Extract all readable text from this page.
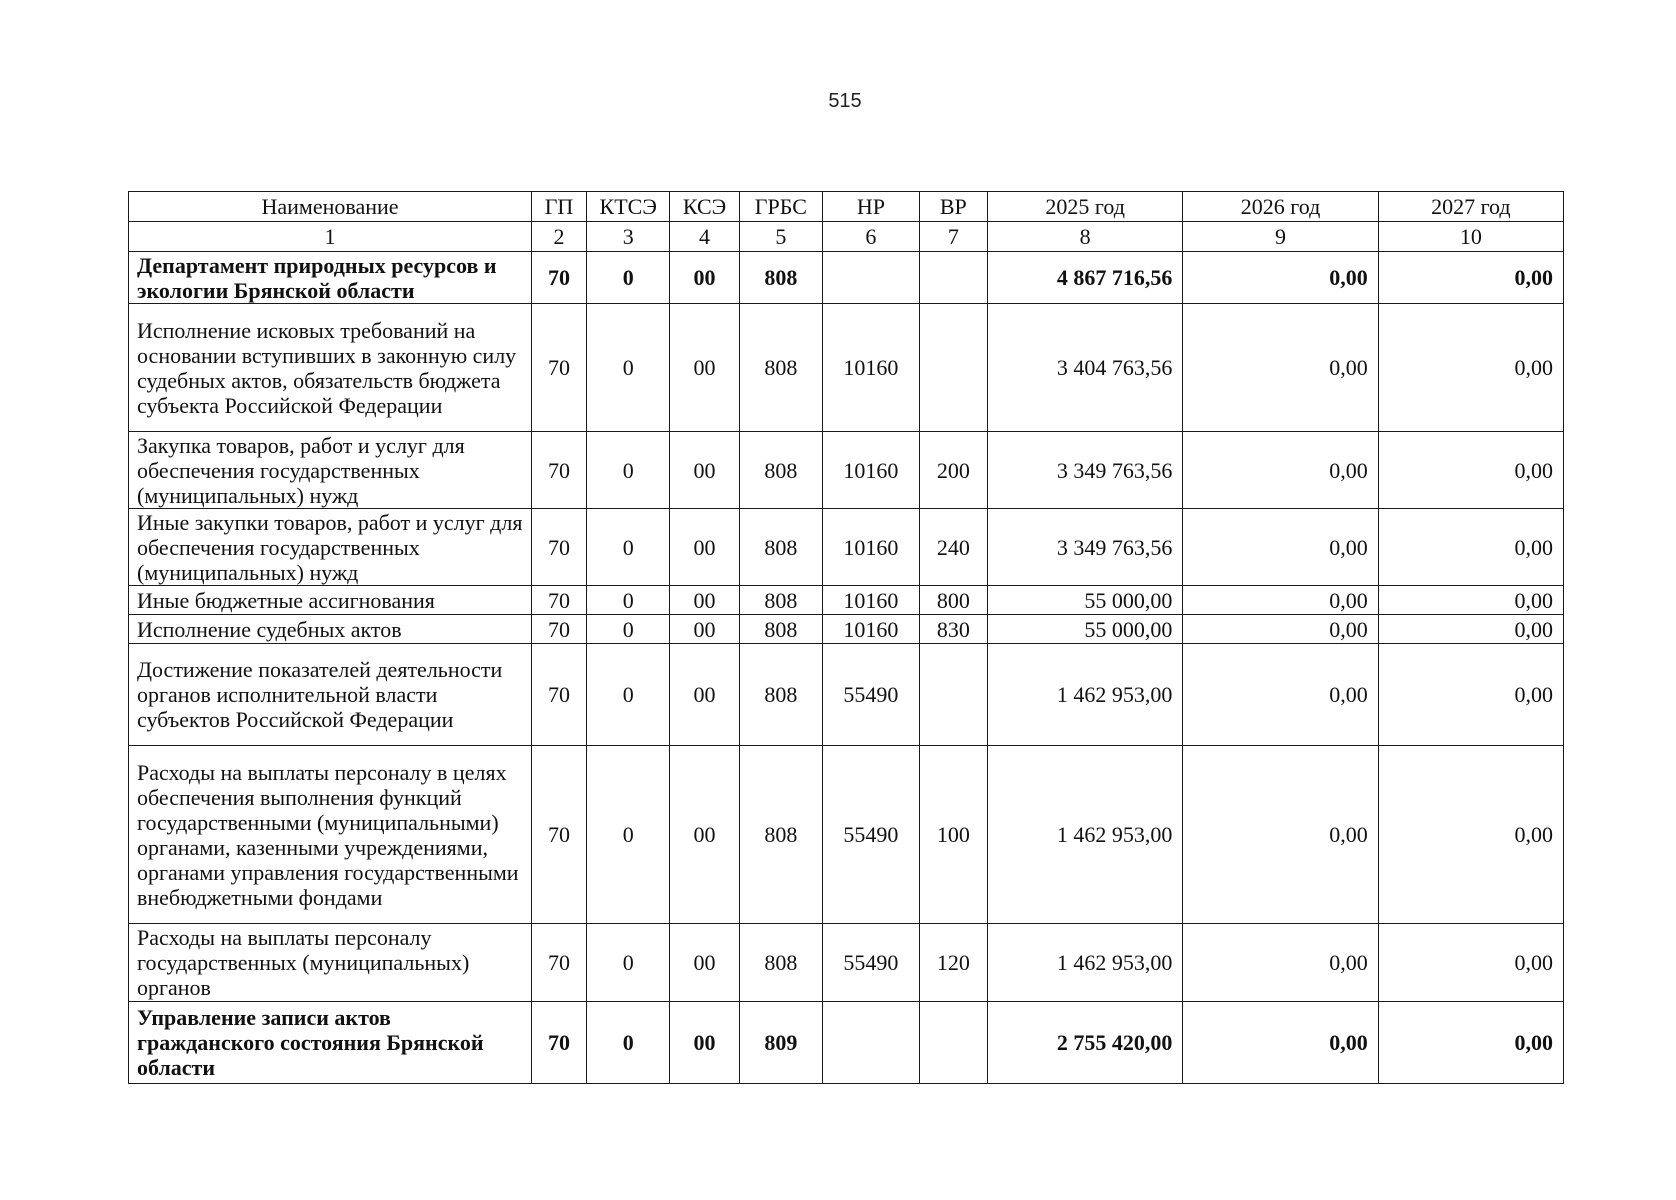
515
Наименование	ГП	КТСЭ	КСЭ	ГРБС	НР	ВР	2025 год	2026 год	2027 год
1	2	3	4	5	6	7	8	9	10
Департамент природных ресурсов и экологии Брянской области	70	0	00	808			4 867 716,56	0,00	0,00
Исполнение исковых требований на основании вступивших в законную силу судебных актов, обязательств бюджета субъекта Российской Федерации	70	0	00	808	10160		3 404 763,56	0,00	0,00
Закупка товаров, работ и услуг для обеспечения государственных (муниципальных) нужд	70	0	00	808	10160	200	3 349 763,56	0,00	0,00
Иные закупки товаров, работ и услуг для обеспечения государственных (муниципальных) нужд	70	0	00	808	10160	240	3 349 763,56	0,00	0,00
Иные бюджетные ассигнования	70	0	00	808	10160	800	55 000,00	0,00	0,00
Исполнение судебных актов	70	0	00	808	10160	830	55 000,00	0,00	0,00
Достижение показателей деятельности органов исполнительной власти субъектов Российской Федерации	70	0	00	808	55490		1 462 953,00	0,00	0,00
Расходы на выплаты персоналу в целях обеспечения выполнения функций государственными (муниципальными) органами, казенными учреждениями, органами управления государственными внебюджетными фондами	70	0	00	808	55490	100	1 462 953,00	0,00	0,00
Расходы на выплаты персоналу государственных (муниципальных) органов	70	0	00	808	55490	120	1 462 953,00	0,00	0,00
Управление записи актов гражданского состояния Брянской области	70	0	00	809			2 755 420,00	0,00	0,00
